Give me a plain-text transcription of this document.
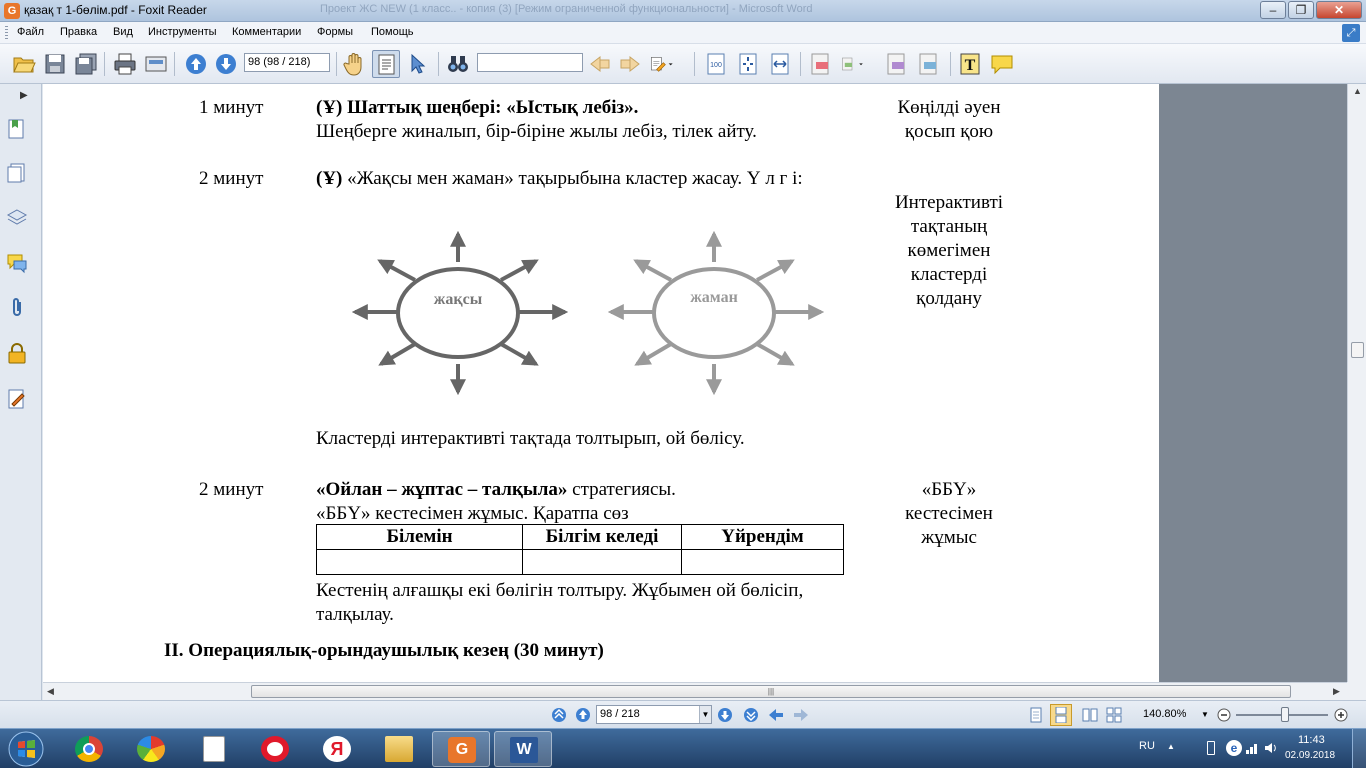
G қазақ т 1-бөлім.pdf - Foxit Reader	Проект ЖС NEW (1 класс.. - копия (3) [Режим ограниченной функциональности] - Microsoft Word	–	❐	✕
Файл Правка Вид Инструменты Комментарии Формы Помощь	⤢
98 (98 / 218)	100	T
▶
1 минут	(Ұ) Шаттық шеңбері: «Ыстық лебіз».
Шеңберге жиналып, бір-біріне жылы лебіз, тілек айту.
Көңілді әуен
қосып қою
2 минут	(Ұ) «Жақсы мен жаман» тақырыбына кластер жасау. Ү л г і:
Интерактивті
тақтаның
көмегімен
кластерді
қолдану
жақсы	жаман
Кластерді интерактивті тақтада толтырып, ой бөлісу.
2 минут	«Ойлан – жұптас – талқыла» стратегиясы.
«ББҮ» кестесімен жұмыс. Қаратпа сөз
«ББҮ»
кестесімен
жұмыс
Білемін	Білгім келеді	Үйрендім

Кестенің алғашқы екі бөлігін толтыру. Жұбымен ой бөлісіп,
талқылау.
II. Операциялық-орындаушылық кезең (30 минут)
▲
◀	|||	▶
98 / 218	▼	140.80% ▼
Я	G	W	RU ▲	e
11:43
02.09.2018
